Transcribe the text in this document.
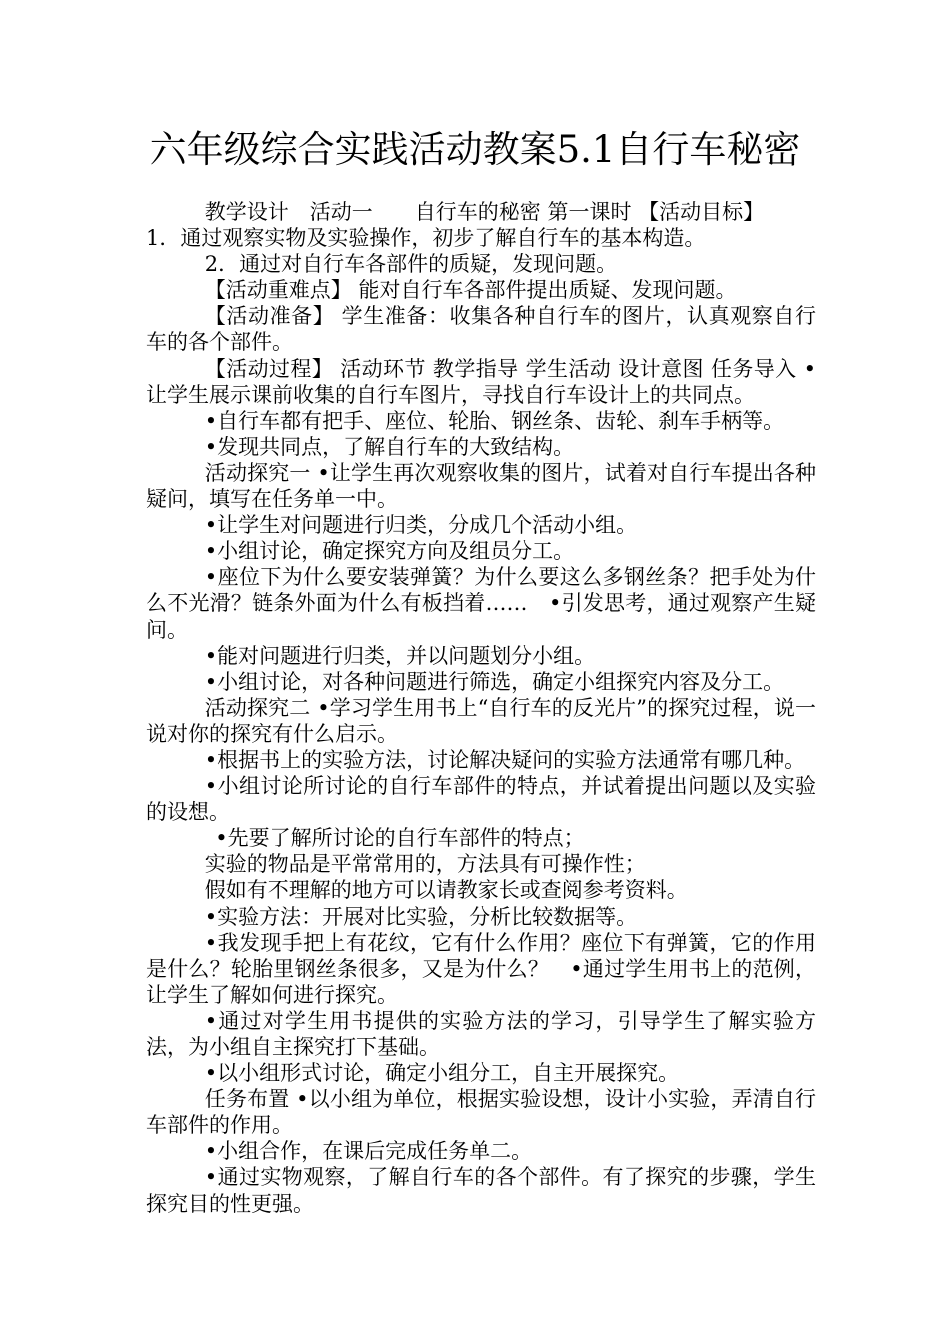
六年级综合实践活动教案5.1自行车秘密

教学设计　活动一　　自行车的秘密 第一课时 【活动目标】

1．通过观察实物及实验操作，初步了解自行车的基本构造。

2．通过对自行车各部件的质疑，发现问题。

【活动重难点】 能对自行车各部件提出质疑、发现问题。

【活动准备】 学生准备：收集各种自行车的图片，认真观察自行车的各个部件。

【活动过程】 活动环节 教学指导 学生活动 设计意图 任务导入 •让学生展示课前收集的自行车图片，寻找自行车设计上的共同点。

•自行车都有把手、座位、轮胎、钢丝条、齿轮、刹车手柄等。

•发现共同点，了解自行车的大致结构。

活动探究一 •让学生再次观察收集的图片，试着对自行车提出各种疑问，填写在任务单一中。

•让学生对问题进行归类，分成几个活动小组。

•小组讨论，确定探究方向及组员分工。

•座位下为什么要安装弹簧？为什么要这么多钢丝条？把手处为什么不光滑？链条外面为什么有板挡着……　•引发思考，通过观察产生疑问。

•能对问题进行归类，并以问题划分小组。

•小组讨论，对各种问题进行筛选，确定小组探究内容及分工。

活动探究二 •学习学生用书上“自行车的反光片”的探究过程，说一说对你的探究有什么启示。

•根据书上的实验方法，讨论解决疑问的实验方法通常有哪几种。

•小组讨论所讨论的自行车部件的特点，并试着提出问题以及实验的设想。

•先要了解所讨论的自行车部件的特点；

实验的物品是平常常用的，方法具有可操作性；

假如有不理解的地方可以请教家长或查阅参考资料。

•实验方法：开展对比实验，分析比较数据等。

•我发现手把上有花纹，它有什么作用？座位下有弹簧，它的作用是什么？轮胎里钢丝条很多，又是为什么？　•通过学生用书上的范例，让学生了解如何进行探究。

•通过对学生用书提供的实验方法的学习，引导学生了解实验方法，为小组自主探究打下基础。

•以小组形式讨论，确定小组分工，自主开展探究。

任务布置 •以小组为单位，根据实验设想，设计小实验，弄清自行车部件的作用。

•小组合作，在课后完成任务单二。

•通过实物观察，了解自行车的各个部件。有了探究的步骤，学生探究目的性更强。
